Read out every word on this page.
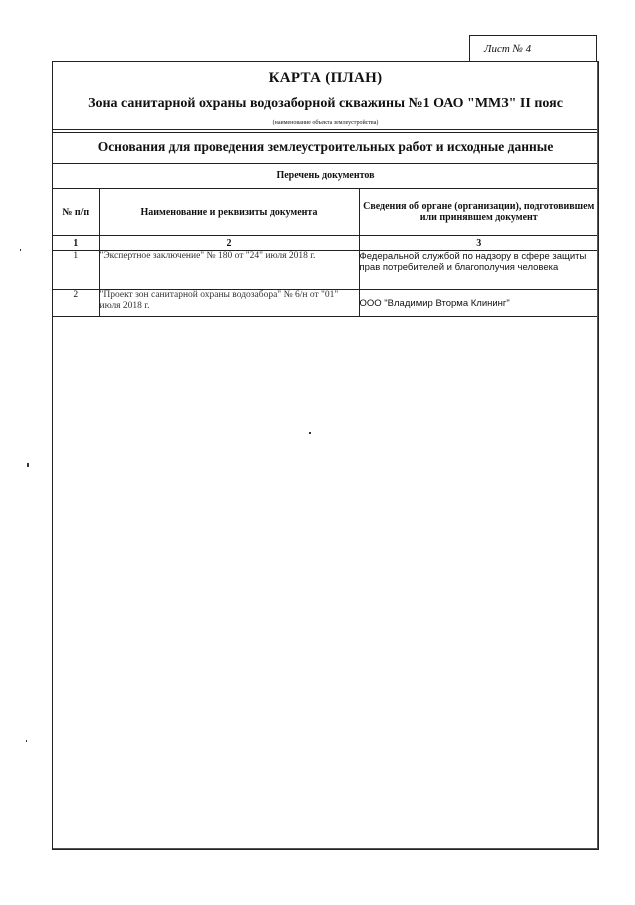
Лист № 4
КАРТА (ПЛАН)
Зона санитарной охраны водозаборной скважины №1 ОАО "ММЗ" II пояс
(наименование объекта землеустройства)
Основания для проведения землеустроительных работ и исходные данные
Перечень документов
№ п/п	Наименование и реквизиты документа	Сведения об органе (организации), подготовившем или принявшем документ
1	2	3
1	"Экспертное заключение" № 180 от "24" июля 2018 г.	Федеральной службой по надзору в сфере защиты прав потребителей и благополучия человека
2	"Проект зон санитарной охраны водозабора" № 6/н от "01" июля 2018 г.	ООО "Владимир Вторма Клининг"
